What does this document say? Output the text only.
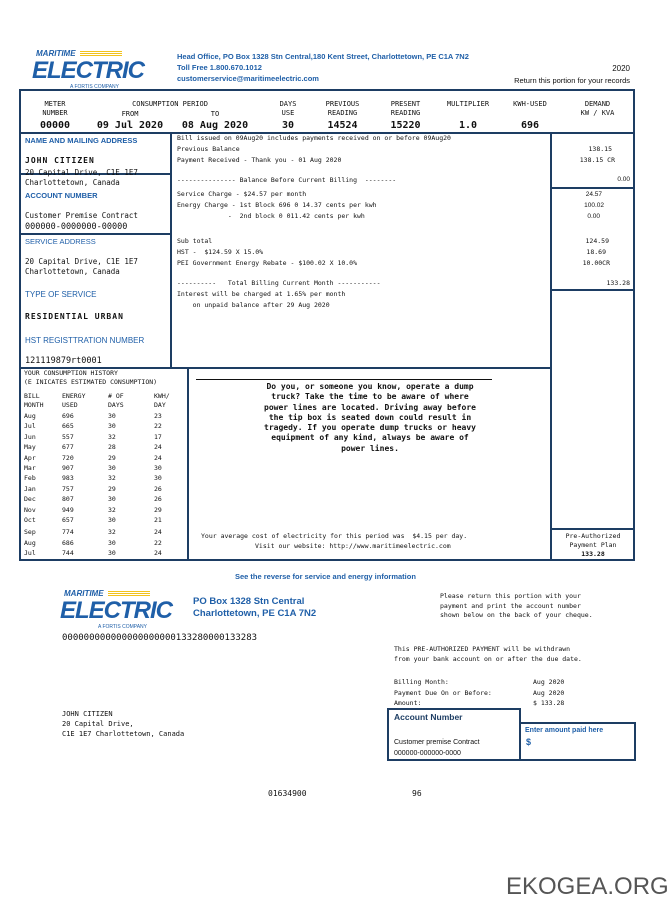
MARITIME
ELECTRIC
A FORTIS COMPANY
Head Office, PO Box 1328 Stn Central,180 Kent Street, Charlottetown, PE C1A 7N2
Toll Free 1.800.670.1012
customerservice@maritimeelectric.com
2020
Return this portion for your records
METER
NUMBER
CONSUMPTION PERIOD
FROM	TO
DAYS
USE
PREVIOUS
READING
PRESENT
READING
MULTIPLIER	KWH-USED	DEMAND
KW / KVA
00000	09 Jul 2020	08 Aug 2020	30	14524	15220	1.0	696
NAME AND MAILING ADDRESS
JOHN CITIZEN
20 Capital Drive, C1E 1E7
Charlottetown, Canada
ACCOUNT NUMBER
Customer Premise Contract
000000-0000000-00000
SERVICE ADDRESS
20 Capital Drive, C1E 1E7
Charlottetown, Canada
TYPE OF SERVICE
RESIDENTIAL URBAN
HST REGISTTRATION NUMBER
121119879rt0001
Bill issued on 09Aug20 includes payments received on or before 09Aug20
Previous Balance	138.15
Payment Received - Thank you - 01 Aug 2020	138.15 CR
--------------- Balance Before Current Billing  --------	0.00
Service Charge - $24.57 per month	24.57
Energy Charge - 1st Block 696 0 14.37 cents per kwh	100.02
-  2nd block 0 011.42 cents per kwh	0.00
Sub total	124.59
HST -  $124.59 X 15.0%	18.69
PEI Government Energy Rebate - $100.02 X 10.0%	10.00CR
----------   Total Billing Current Month -----------	133.28
Interest will be charged at 1.65% per month
on unpaid balance after 29 Aug 2020
YOUR CONSUMPTION HISTORY
(E INICATES ESTIMATED CONSUMPTION)
BILL
MONTH
ENERGY
USED
# OF
DAYS
KWH/
DAY
Aug	696	30	23
Jul	665	30	22
Jun	557	32	17
May	677	28	24
Apr	720	29	24
Mar	907	30	30
Feb	983	32	30
Jan	757	29	26
Dec	807	30	26
Nov	949	32	29
Oct	657	30	21
Sep	774	32	24
Aug	686	30	22
Jul	744	30	24
Do you, or someone you know, operate a dump
truck? Take the time to be aware of where
power lines are located. Driving away before
the tip box is seated down could result in
tragedy. If you operate dump trucks or heavy
equipment of any kind, always be aware of
power lines.
Your average cost of electricity for this period was  $4.15 per day.
Visit our website: http://www.maritimeelectric.com
Pre-Authorized
Payment Plan
133.28
See the reverse for service and energy information
MARITIME
ELECTRIC
A FORTIS COMPANY
PO Box 1328 Stn Central
Charlottetown, PE C1A 7N2
Please return this portion with your
payment and print the account number
shown below on the back of your cheque.
000000000000000000000133280000133283
This PRE-AUTHORIZED PAYMENT will be withdrawn
from your bank account on or after the due date.
Billing Month:	Aug 2020
Payment Due On or Before:	Aug 2020
Amount:	$ 133.28
Account Number
Customer premise Contract
000000-000000-0000
Enter amount paid here
$
JOHN CITIZEN
20 Capital Drive,
C1E 1E7 Charlottetown, Canada
01634900	96
EKOGEA.ORG
